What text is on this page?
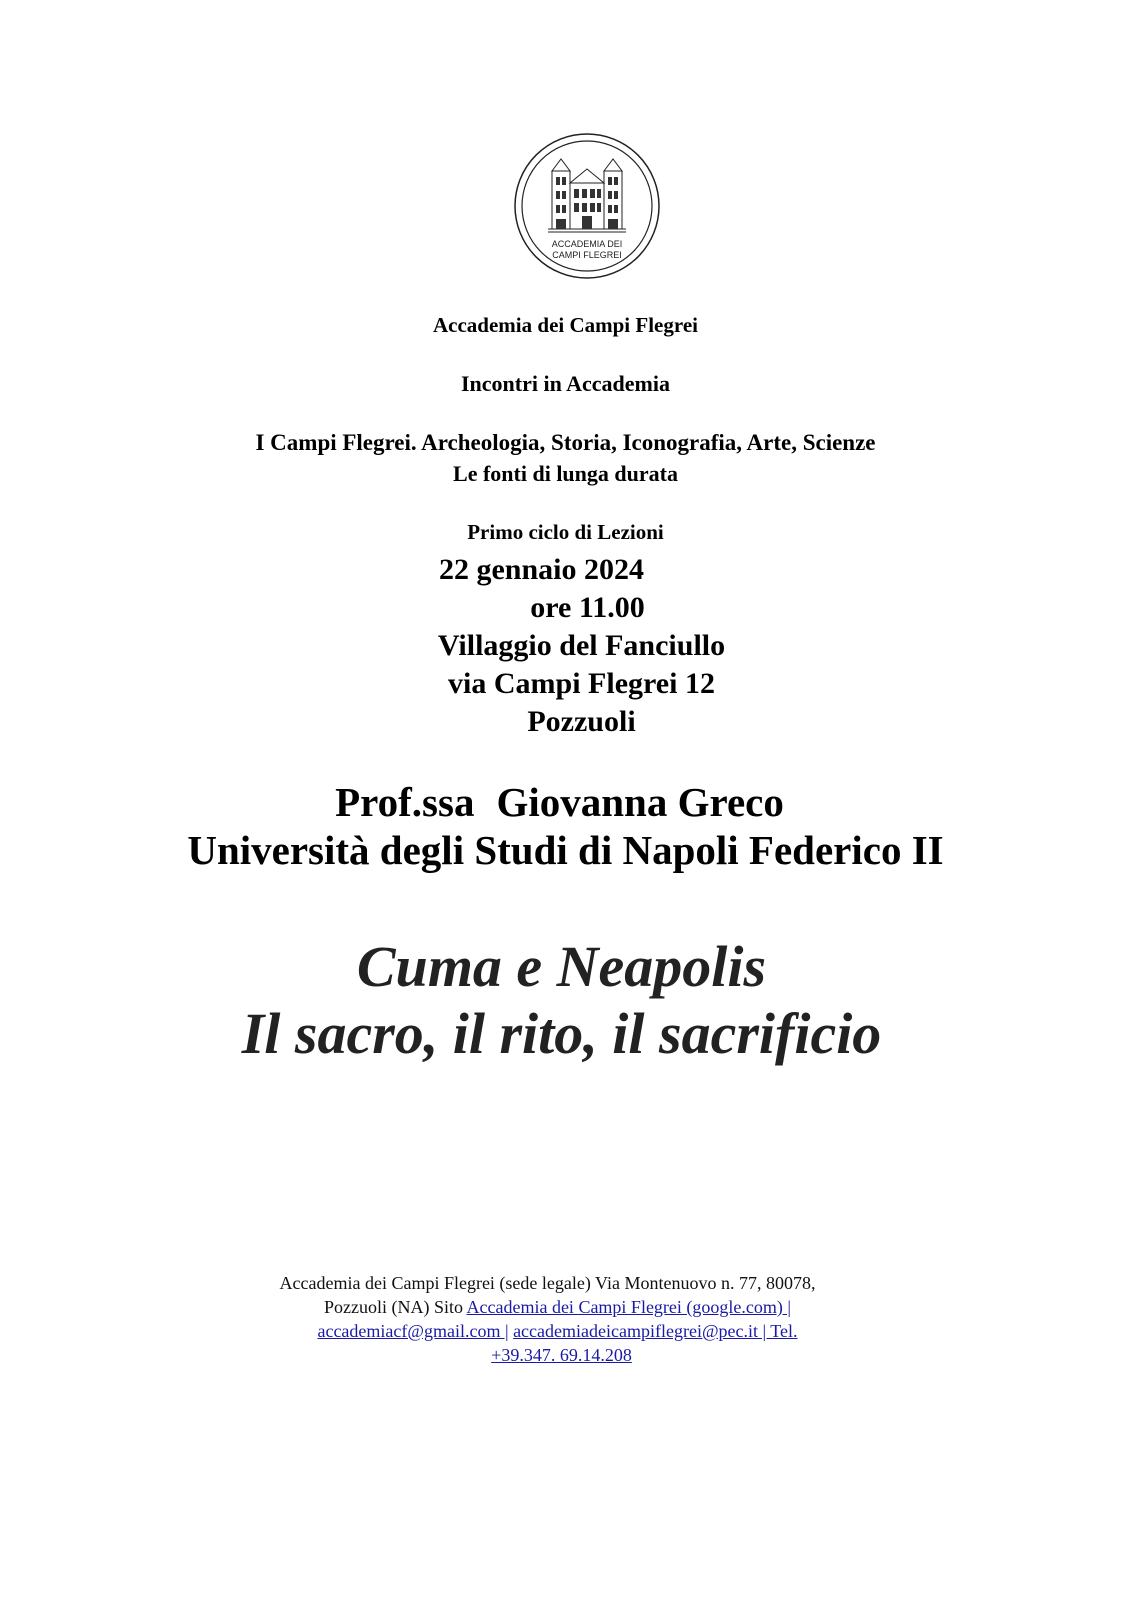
ACCADEMIA DEI
CAMPI FLEGREI
Accademia dei Campi Flegrei
Incontri in Accademia
I Campi Flegrei. Archeologia, Storia, Iconografia, Arte, Scienze
Le fonti di lunga durata
Primo ciclo di Lezioni
22 gennaio 2024
ore 11.00
Villaggio del Fanciullo
via Campi Flegrei 12
Pozzuoli
Prof.ssa Giovanna Greco
Università degli Studi di Napoli Federico II
Cuma e Neapolis
Il sacro, il rito, il sacrificio
Accademia dei Campi Flegrei (sede legale) Via Montenuovo n. 77, 80078,
Pozzuoli (NA) Sito Accademia dei Campi Flegrei (google.com) |
accademiacf@gmail.com | accademiadeicampiflegrei@pec.it | Tel.
+39.347. 69.14.208
